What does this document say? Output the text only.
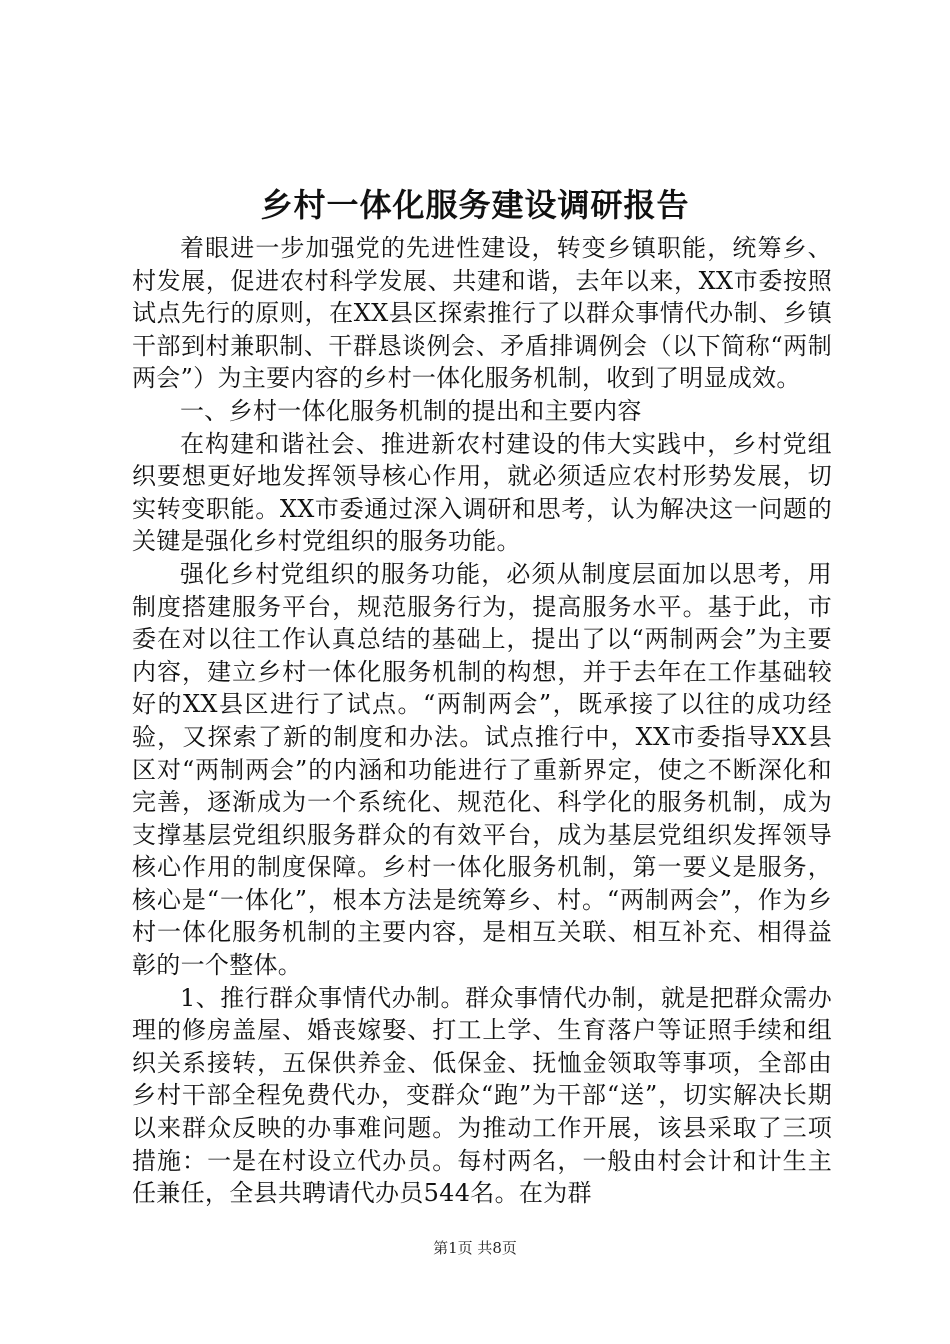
乡村一体化服务建设调研报告

着眼进一步加强党的先进性建设，转变乡镇职能，统筹乡、村发展，促进农村科学发展、共建和谐，去年以来，XX市委按照试点先行的原则，在XX县区探索推行了以群众事情代办制、乡镇干部到村兼职制、干群恳谈例会、矛盾排调例会（以下简称“两制两会”）为主要内容的乡村一体化服务机制，收到了明显成效。

一、乡村一体化服务机制的提出和主要内容

在构建和谐社会、推进新农村建设的伟大实践中，乡村党组织要想更好地发挥领导核心作用，就必须适应农村形势发展，切实转变职能。XX市委通过深入调研和思考，认为解决这一问题的关键是强化乡村党组织的服务功能。

强化乡村党组织的服务功能，必须从制度层面加以思考，用制度搭建服务平台，规范服务行为，提高服务水平。基于此，市委在对以往工作认真总结的基础上，提出了以“两制两会”为主要内容，建立乡村一体化服务机制的构想，并于去年在工作基础较好的XX县区进行了试点。“两制两会”，既承接了以往的成功经验，又探索了新的制度和办法。试点推行中，XX市委指导XX县区对“两制两会”的内涵和功能进行了重新界定，使之不断深化和完善，逐渐成为一个系统化、规范化、科学化的服务机制，成为支撑基层党组织服务群众的有效平台，成为基层党组织发挥领导核心作用的制度保障。乡村一体化服务机制，第一要义是服务，核心是“一体化”，根本方法是统筹乡、村。“两制两会”，作为乡村一体化服务机制的主要内容，是相互关联、相互补充、相得益彰的一个整体。

1、推行群众事情代办制。群众事情代办制，就是把群众需办理的修房盖屋、婚丧嫁娶、打工上学、生育落户等证照手续和组织关系接转，五保供养金、低保金、抚恤金领取等事项，全部由乡村干部全程免费代办，变群众“跑”为干部“送”，切实解决长期以来群众反映的办事难问题。为推动工作开展，该县采取了三项措施：一是在村设立代办员。每村两名，一般由村会计和计生主任兼任，全县共聘请代办员544名。在为群

第1页 共8页
